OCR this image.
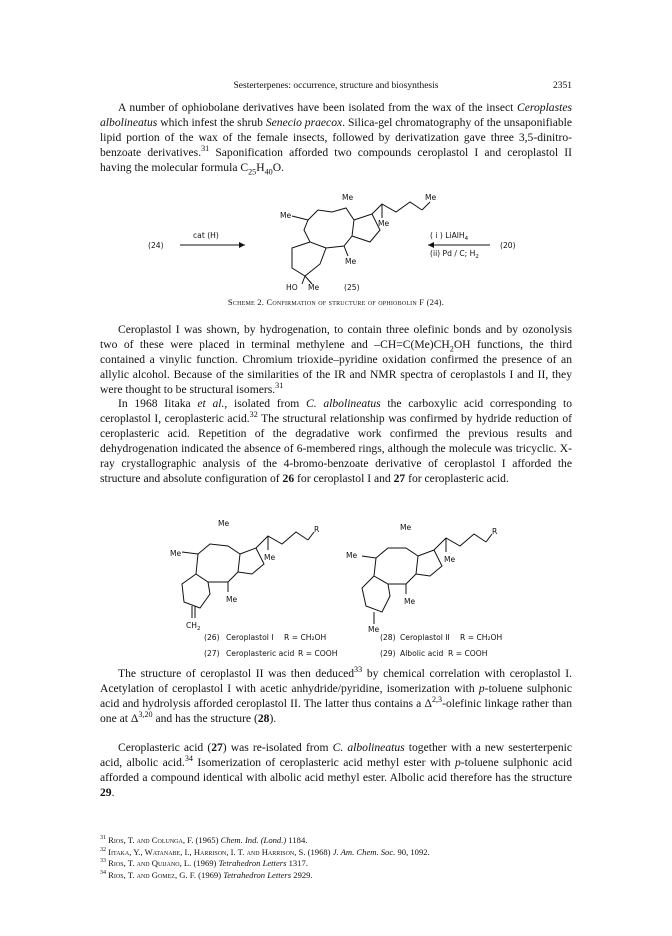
Sesterterpenes: occurrence, structure and biosynthesis	2351

A number of ophiobolane derivatives have been isolated from the wax of the insect Ceroplastes albolineatus which infest the shrub Senecio praecox. Silica-gel chromatography of the unsaponifiable lipid portion of the wax of the female insects, followed by derivatization gave three 3,5-dinitro-benzoate derivatives.$^{31}$ Saponification afforded two compounds ceroplastol I and ceroplastol II having the molecular formula $C_{25}H_{40}O$.

(24)
cat (H)
Me
Me
Me
Me
Me
HO Me	(25)
( i ) LiAlH$_4$
(ii) Pd / C; $H_2$
(20)
Scheme 2. Confirmation of structure of ophiobolin F (24).

Ceroplastol I was shown, by hydrogenation, to contain three olefinic bonds and by ozonolysis two of these were placed in terminal methylene and $-CH=C(Me)CH_2OH$ functions, the third contained a vinylic function. Chromium trioxide–pyridine oxidation confirmed the presence of an allylic alcohol. Because of the similarities of the IR and NMR spectra of ceroplastols I and II, they were thought to be structural isomers.$^{31}$

In 1968 Iitaka et al., isolated from C. albolineatus the carboxylic acid corresponding to ceroplastol I, ceroplasteric acid.$^{32}$ The structural relationship was confirmed by hydride reduction of ceroplasteric acid. Repetition of the degradative work confirmed the previous results and dehydrogenation indicated the absence of 6-membered rings, although the molecule was tricyclic. X-ray crystallographic analysis of the 4-bromo-benzoate derivative of ceroplastol I afforded the structure and absolute configuration of 26 for ceroplastol I and 27 for ceroplasteric acid.

Me
Me
Me
Me
R
$CH_2$
Me
Me
Me
Me
R
Me
(26) Ceroplastol I R = CH₂OH
(27) Ceroplasteric acid R = COOH
(28) Ceroplastol II R = CH₂OH
(29) Albolic acid R = COOH

The structure of ceroplastol II was then deduced$^{33}$ by chemical correlation with ceroplastol I. Acetylation of ceroplastol I with acetic anhydride/pyridine, isomerization with p-toluene sulphonic acid and hydrolysis afforded ceroplastol II. The latter thus contains a Δ$^{2,3}$-olefinic linkage rather than one at Δ$^{3,20}$ and has the structure (28).

Ceroplasteric acid (27) was re-isolated from C. albolineatus together with a new sesterterpenic acid, albolic acid.$^{34}$ Isomerization of ceroplasteric acid methyl ester with p-toluene sulphonic acid afforded a compound identical with albolic acid methyl ester. Albolic acid therefore has the structure 29.

$^{31}$ Rios, T. and Colunga, F. (1965) Chem. Ind. (Lond.) 1184.

$^{32}$ Iitaka, Y., Watanabe, I., Harrison, I. T. and Harrison, S. (1968) J. Am. Chem. Soc. 90, 1092.

$^{33}$ Rios, T. and Quijano, L. (1969) Tetrahedron Letters 1317.

$^{34}$ Rios, T. and Gomez, G. F. (1969) Tetrahedron Letters 2929.
